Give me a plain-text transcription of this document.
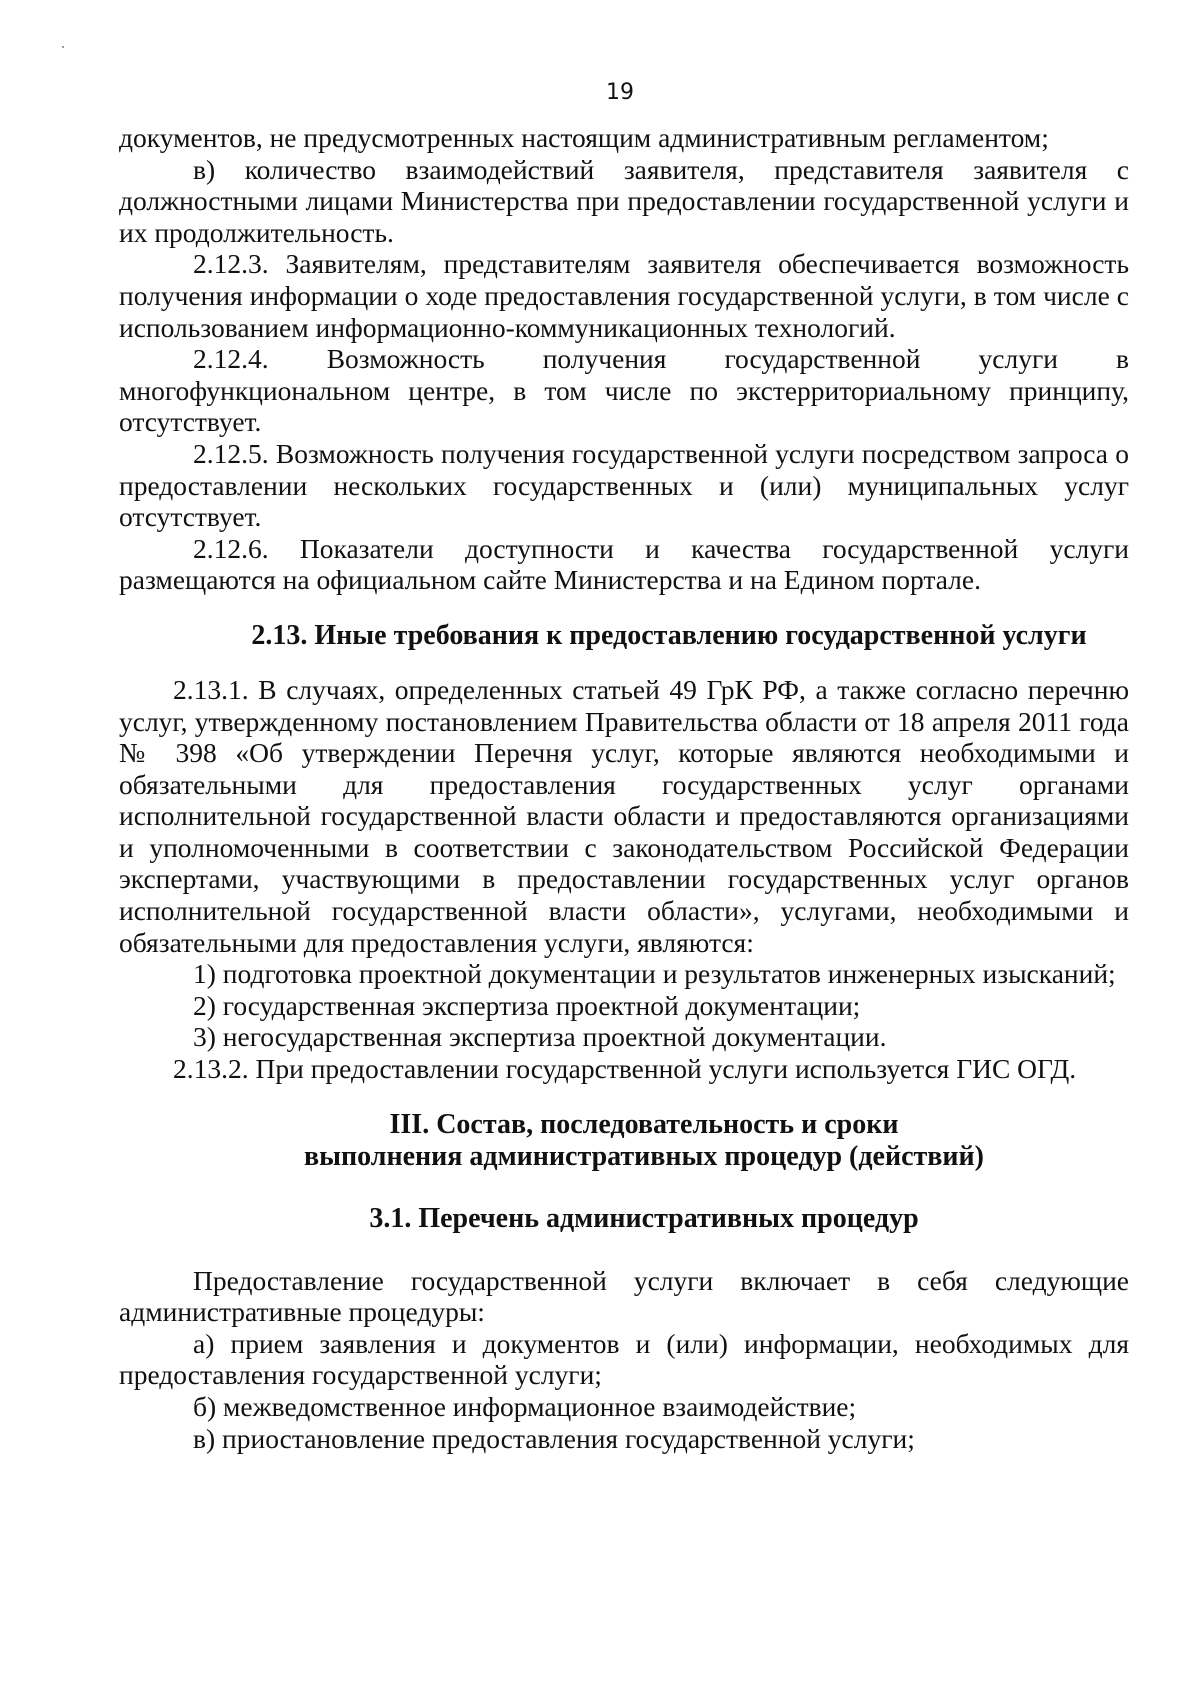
19

документов, не предусмотренных настоящим административным регламентом;

в) количество взаимодействий заявителя, представителя заявителя с должностными лицами Министерства при предоставлении государственной услуги и их продолжительность.

2.12.3. Заявителям, представителям заявителя обеспечивается возможность получения информации о ходе предоставления государственной услуги, в том числе с использованием информационно-коммуникационных технологий.

2.12.4. Возможность получения государственной услуги в многофункциональном центре, в том числе по экстерриториальному принципу, отсутствует.

2.12.5. Возможность получения государственной услуги посредством запроса о предоставлении нескольких государственных и (или) муниципальных услуг отсутствует.

2.12.6. Показатели доступности и качества государственной услуги размещаются на официальном сайте Министерства и на Едином портале.

2.13. Иные требования к предоставлению государственной услуги

2.13.1. В случаях, определенных статьей 49 ГрК РФ, а также согласно перечню услуг, утвержденному постановлением Правительства области от 18 апреля 2011 года № 398 «Об утверждении Перечня услуг, которые являются необходимыми и обязательными для предоставления государственных услуг органами исполнительной государственной власти области и предоставляются организациями и уполномоченными в соответствии с законодательством Российской Федерации экспертами, участвующими в предоставлении государственных услуг органов исполнительной государственной власти области», услугами, необходимыми и обязательными для предоставления услуги, являются:

1) подготовка проектной документации и результатов инженерных изысканий;

2) государственная экспертиза проектной документации;

3) негосударственная экспертиза проектной документации.

2.13.2. При предоставлении государственной услуги используется ГИС ОГД.

III. Состав, последовательность и сроки
выполнения административных процедур (действий)
3.1. Перечень административных процедур

Предоставление государственной услуги включает в себя следующие административные процедуры:

а) прием заявления и документов и (или) информации, необходимых для предоставления государственной услуги;

б) межведомственное информационное взаимодействие;

в) приостановление предоставления государственной услуги;
